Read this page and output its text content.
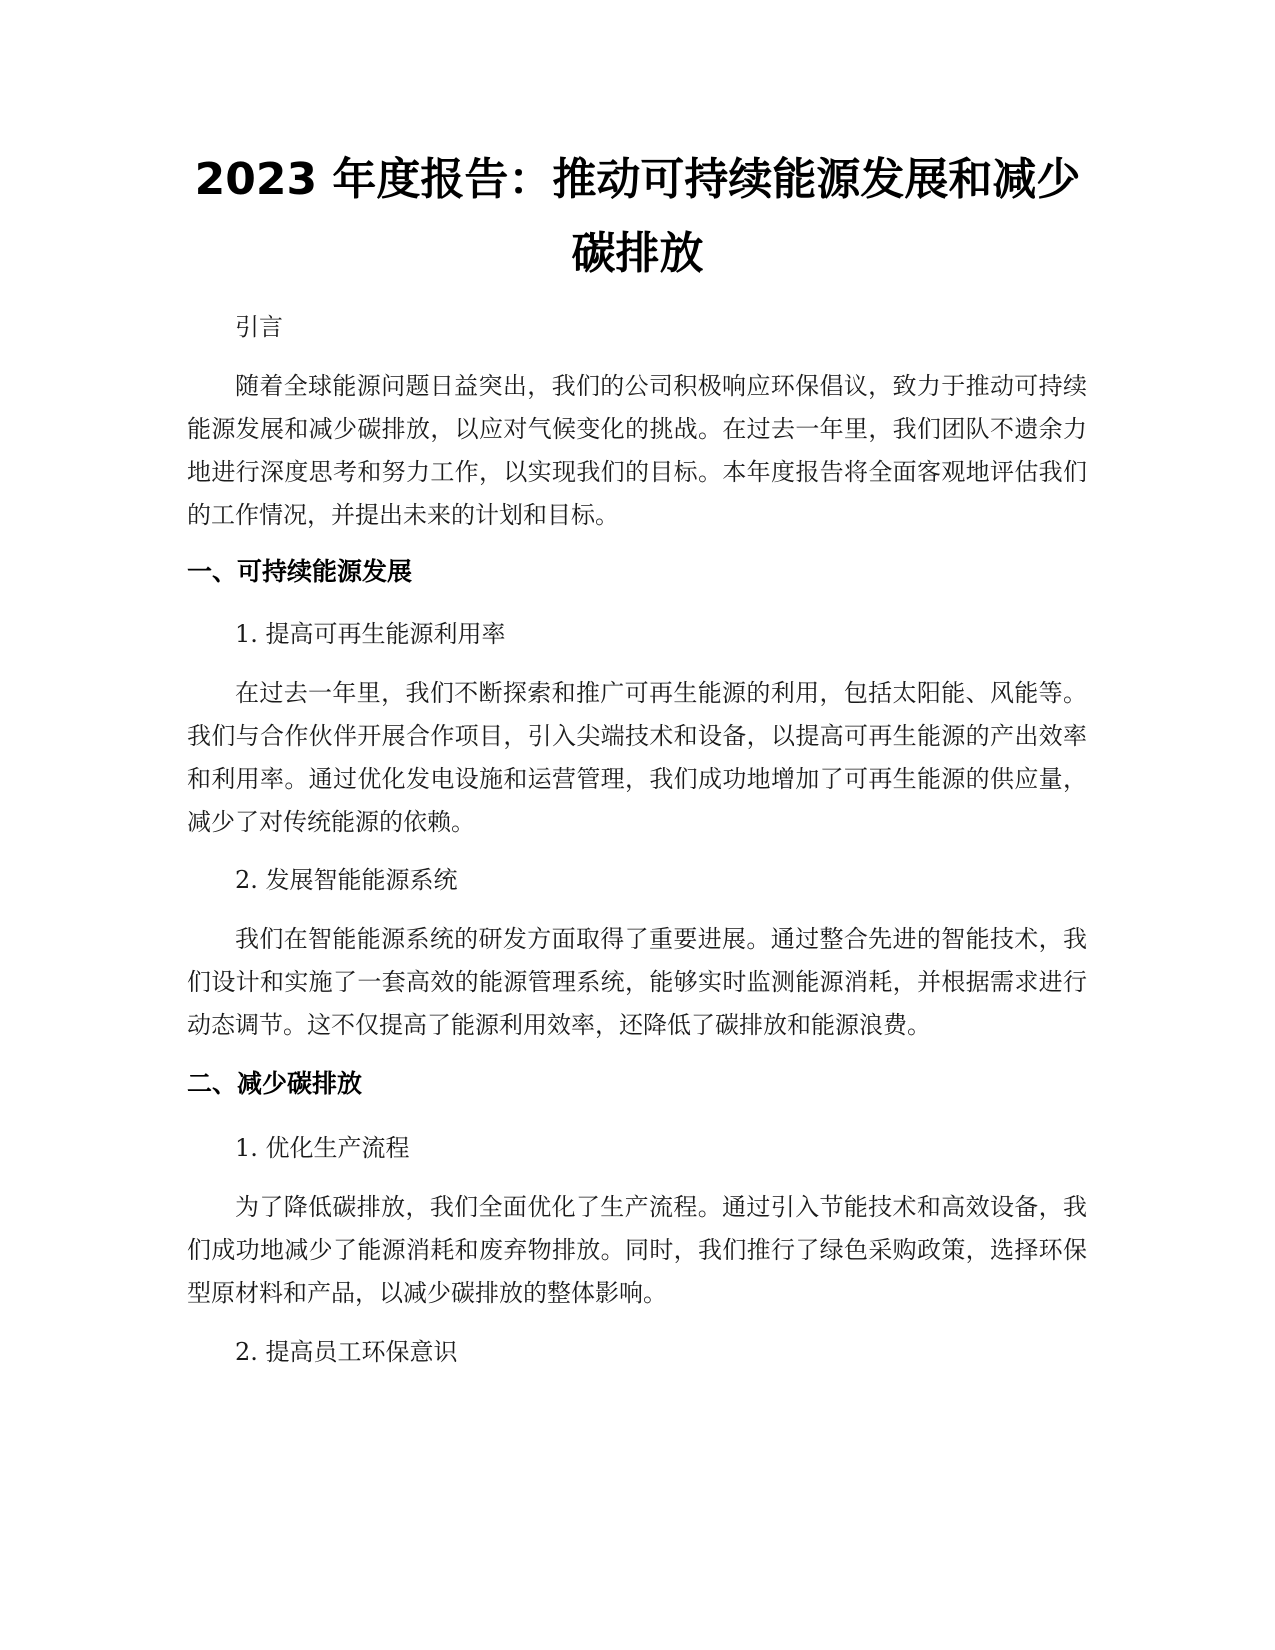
2023 年度报告：推动可持续能源发展和减少
碳排放

引言

随着全球能源问题日益突出，我们的公司积极响应环保倡议，致力于推动可持续能源发展和减少碳排放，以应对气候变化的挑战。在过去一年里，我们团队不遗余力地进行深度思考和努力工作，以实现我们的目标。本年度报告将全面客观地评估我们的工作情况，并提出未来的计划和目标。

一、可持续能源发展

1. 提高可再生能源利用率

在过去一年里，我们不断探索和推广可再生能源的利用，包括太阳能、风能等。我们与合作伙伴开展合作项目，引入尖端技术和设备，以提高可再生能源的产出效率和利用率。通过优化发电设施和运营管理，我们成功地增加了可再生能源的供应量，减少了对传统能源的依赖。

2. 发展智能能源系统

我们在智能能源系统的研发方面取得了重要进展。通过整合先进的智能技术，我们设计和实施了一套高效的能源管理系统，能够实时监测能源消耗，并根据需求进行动态调节。这不仅提高了能源利用效率，还降低了碳排放和能源浪费。

二、减少碳排放

1. 优化生产流程

为了降低碳排放，我们全面优化了生产流程。通过引入节能技术和高效设备，我们成功地减少了能源消耗和废弃物排放。同时，我们推行了绿色采购政策，选择环保型原材料和产品，以减少碳排放的整体影响。

2. 提高员工环保意识
